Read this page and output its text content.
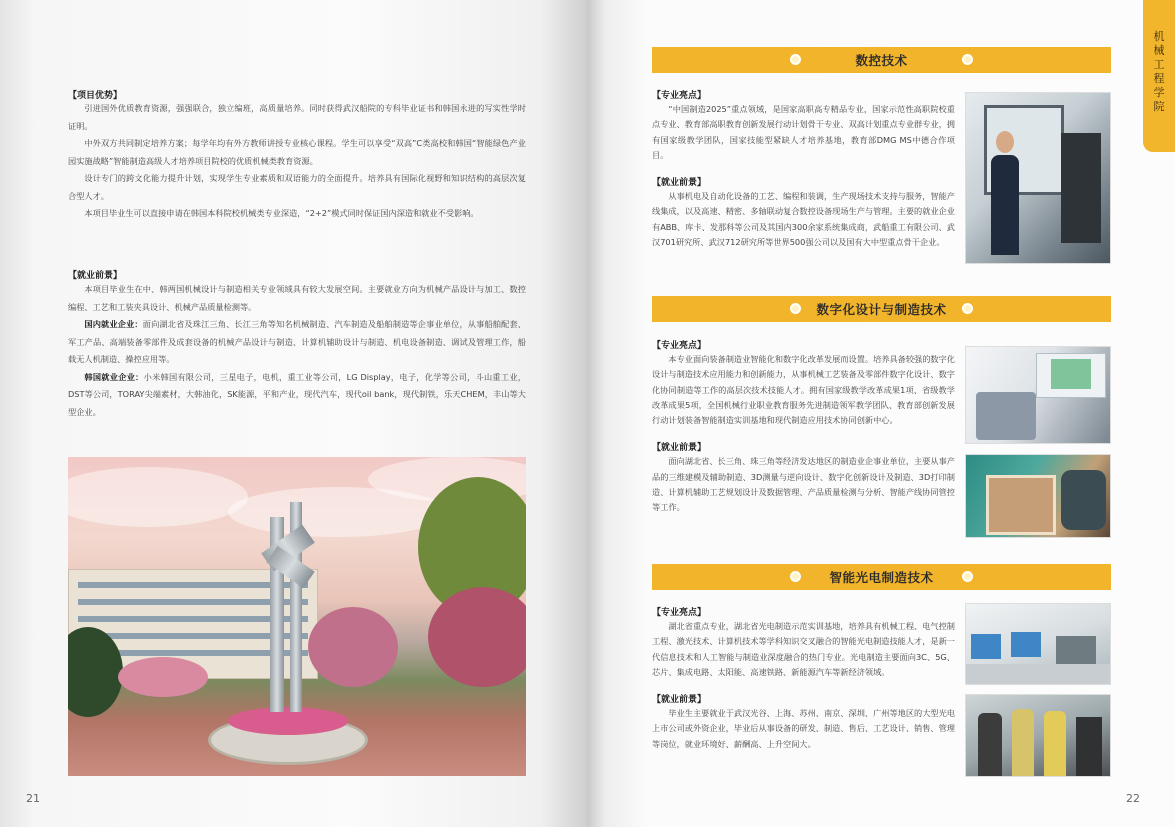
【项目优势】

引进国外优质教育资源，强强联合，独立编班，高质量培养。同时获得武汉船院的专科毕业证书和韩国永进的写实性学时证明。

中外双方共同制定培养方案；每学年均有外方教师讲授专业核心课程。学生可以享受“双高”C类高校和韩国“智能绿色产业园实施战略”智能制造高级人才培养项目院校的优质机械类教育资源。

设计专门的跨文化能力提升计划，实现学生专业素质和双语能力的全面提升。培养具有国际化视野和知识结构的高层次复合型人才。

本项目毕业生可以直接申请在韩国本科院校机械类专业深造，“2+2”模式同时保证国内深造和就业不受影响。

【就业前景】

本项目毕业生在中、韩两国机械设计与制造相关专业领域具有较大发展空间。主要就业方向为机械产品设计与加工、数控编程、工艺和工装夹具设计、机械产品质量检测等。

国内就业企业：面向湖北省及珠江三角、长江三角等知名机械制造、汽车制造及船舶制造等企事业单位，从事船舶配套、军工产品、高端装备零部件及成套设备的机械产品设计与制造、计算机辅助设计与制造、机电设备制造、调试及管理工作，船载无人机制造、操控应用等。

韩国就业企业：小米韩国有限公司，三星电子，电机，重工业等公司，LG Display，电子，化学等公司，斗山重工业，DST等公司，TORAY尖端素材，大韩油化，SK能源，平和产业，现代汽车，现代oil bank，现代制铁，乐天CHEM，丰山等大型企业。

21
机
械
工
程
学
院
数控技术
【专业亮点】

“中国制造2025”重点领域，是国家高职高专精品专业，国家示范性高职院校重点专业、教育部高职教育创新发展行动计划骨干专业、双高计划重点专业群专业，拥有国家级教学团队，国家技能型紧缺人才培养基地，教育部DMG MS中德合作项目。

【就业前景】

从事机电及自动化设备的工艺、编程和装调，生产现场技术支持与服务，智能产线集成，以及高速、精密、多轴联动复合数控设备现场生产与管理。主要的就业企业有ABB、库卡、发那科等公司及其国内300余家系统集成商，武船重工有限公司、武汉701研究所、武汉712研究所等世界500强公司以及国有大中型重点骨干企业。

数字化设计与制造技术
【专业亮点】

本专业面向装备制造业智能化和数字化改革发展而设置。培养具备较强的数字化设计与制造技术应用能力和创新能力，从事机械工艺装备及零部件数字化设计、数字化协同制造等工作的高层次技术技能人才。拥有国家级教学改革成果1项、省级教学改革成果5项，全国机械行业职业教育服务先进制造领军教学团队、教育部创新发展行动计划装备智能制造实训基地和现代制造应用技术协同创新中心。

【就业前景】

面向湖北省、长三角、珠三角等经济发达地区的制造业企事业单位，主要从事产品的三维建模及辅助制造、3D测量与逆向设计、数字化创新设计及制造、3D打印制造、计算机辅助工艺规划设计及数据管理、产品质量检测与分析、智能产线协同管控等工作。

智能光电制造技术
【专业亮点】

湖北省重点专业，湖北省光电制造示范实训基地，培养具有机械工程、电气控制工程、激光技术、计算机技术等学科知识交叉融合的智能光电制造技能人才，是新一代信息技术和人工智能与制造业深度融合的热门专业。光电制造主要面向3C、5G、芯片、集成电路、太阳能、高速铁路、新能源汽车等新经济领域。

【就业前景】

毕业生主要就业于武汉光谷、上海、苏州、南京、深圳、广州等地区的大型光电上市公司或外资企业，毕业后从事设备的研发、制造、售后、工艺设计、销售、管理等岗位，就业环境好、薪酬高、上升空间大。

22
